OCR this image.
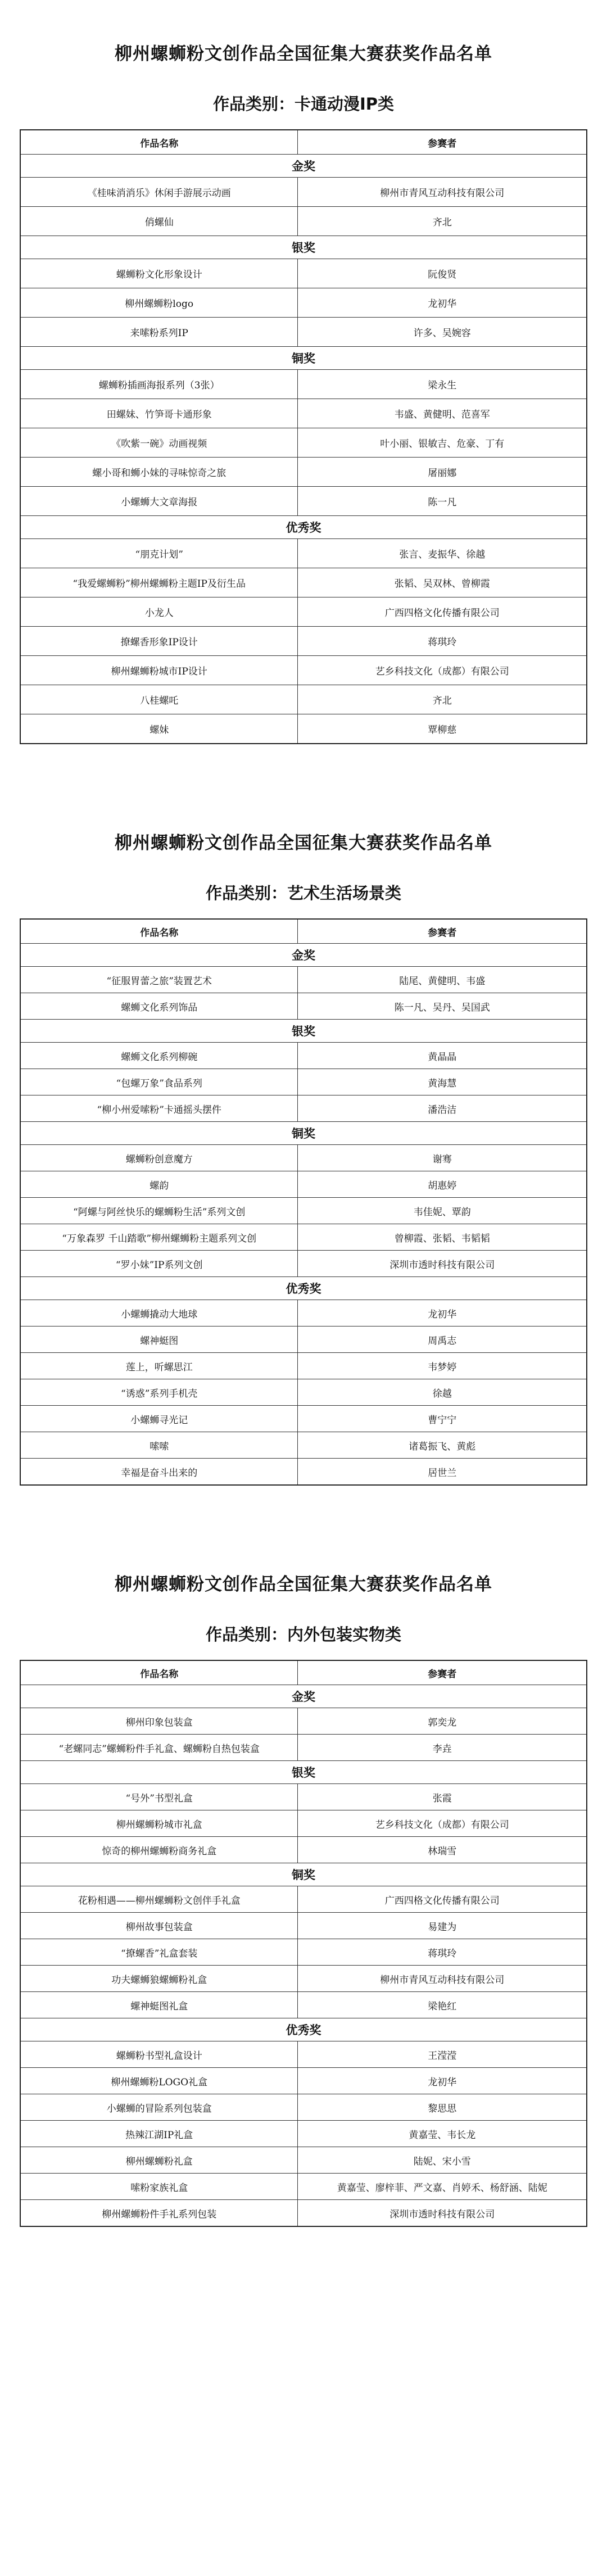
柳州螺蛳粉文创作品全国征集大赛获奖作品名单
作品类别：卡通动漫IP类
作品名称	参赛者
金奖	
《桂味消消乐》休闲手游展示动画	柳州市青风互动科技有限公司
俏螺仙	齐北
银奖	
螺蛳粉文化形象设计	阮俊贤
柳州螺蛳粉logo	龙初华
来嗦粉系列IP	许多、吴婉容
铜奖	
螺蛳粉插画海报系列（3张）	梁永生
田螺妹、竹笋哥卡通形象	韦盛、黄健明、范喜军
《吹紫一碗》动画视频	叶小丽、银敏吉、危豪、丁有
螺小哥和蛳小妹的寻味惊奇之旅	屠丽娜
小螺蛳大文章海报	陈一凡
优秀奖	
“朋克计划”	张言、麦振华、徐越
“我爱螺蛳粉”柳州螺蛳粉主题IP及衍生品	张韬、吴双林、曾柳霞
小龙人	广西四格文化传播有限公司
撩螺香形象IP设计	蒋琪玲
柳州螺蛳粉城市IP设计	艺乡科技文化（成都）有限公司
八桂螺吒	齐北
螺妹	覃柳慈
柳州螺蛳粉文创作品全国征集大赛获奖作品名单
作品类别：艺术生活场景类
作品名称	参赛者
金奖	
“征服胃蕾之旅”装置艺术	陆尾、黄健明、韦盛
螺蛳文化系列饰品	陈一凡、吴丹、吴国武
银奖	
螺蛳文化系列柳碗	黄晶晶
“包螺万象”食品系列	黄海慧
“柳小州爱嗦粉”卡通摇头摆件	潘浩洁
铜奖	
螺蛳粉创意魔方	谢骞
螺韵	胡惠婷
“阿螺与阿丝快乐的螺蛳粉生活”系列文创	韦佳妮、覃韵
“万象森罗 千山踏歌”柳州螺蛳粉主题系列文创	曾柳霞、张韬、韦韬韬
“罗小妹”IP系列文创	深圳市透时科技有限公司
优秀奖	
小螺蛳撬动大地球	龙初华
螺神蜓图	周禹志
莲上，听螺思江	韦梦婷
“诱惑”系列手机壳	徐越
小螺蛳寻光记	曹宁宁
嗦嗦	诸葛振飞、黄彪
幸福是奋斗出来的	居世兰
柳州螺蛳粉文创作品全国征集大赛获奖作品名单
作品类别：内外包装实物类
作品名称	参赛者
金奖	
柳州印象包装盒	郭奕龙
“老螺同志”螺蛳粉件手礼盒、螺蛳粉自热包装盒	李垚
银奖	
“号外”书型礼盒	张霞
柳州螺蛳粉城市礼盒	艺乡科技文化（成都）有限公司
惊奇的柳州螺蛳粉商务礼盒	林瑞雪
铜奖	
花粉相遇——柳州螺蛳粉文创伴手礼盒	广西四格文化传播有限公司
柳州故事包装盒	易建为
“撩螺香”礼盒套装	蒋琪玲
功夫螺蛳狼螺蛳粉礼盒	柳州市青风互动科技有限公司
螺神蜓图礼盒	梁艳红
优秀奖	
螺蛳粉书型礼盒设计	王滢滢
柳州螺蛳粉LOGO礼盒	龙初华
小螺蛳的冒险系列包装盒	黎思思
热辣江湖IP礼盒	黄嘉莹、韦长龙
柳州螺蛳粉礼盒	陆妮、宋小雪
嗦粉家族礼盒	黄嘉莹、廖梓菲、严文嘉、肖婷禾、杨舒涵、陆妮
柳州螺蛳粉件手礼系列包装	深圳市透时科技有限公司
